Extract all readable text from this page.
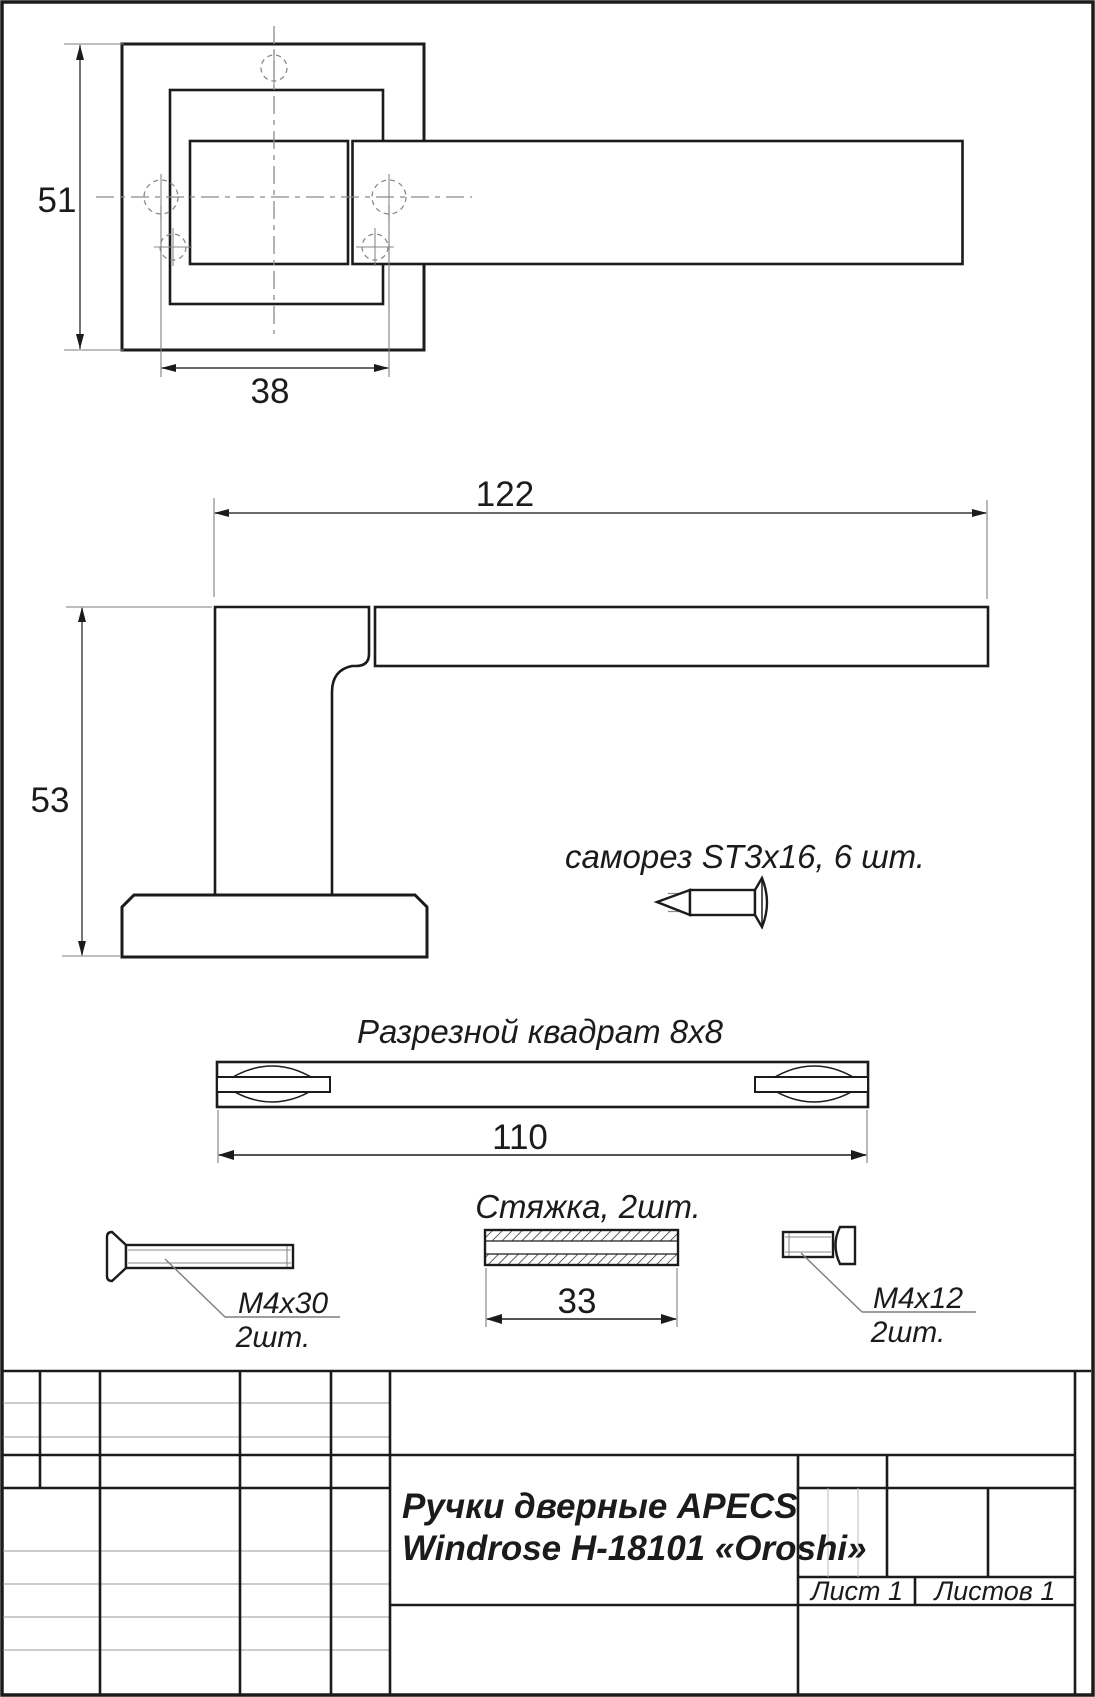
51
38
122
53
саморез ST3x16, 6 шт.
Разрезной квадрат 8x8
110
M4x30
2шт.
Стяжка, 2шт.
33	M4x12
2шт.
Ручки дверные APECS
Windrose H-18101 «Oroshi»
Лист 1 Листов 1
